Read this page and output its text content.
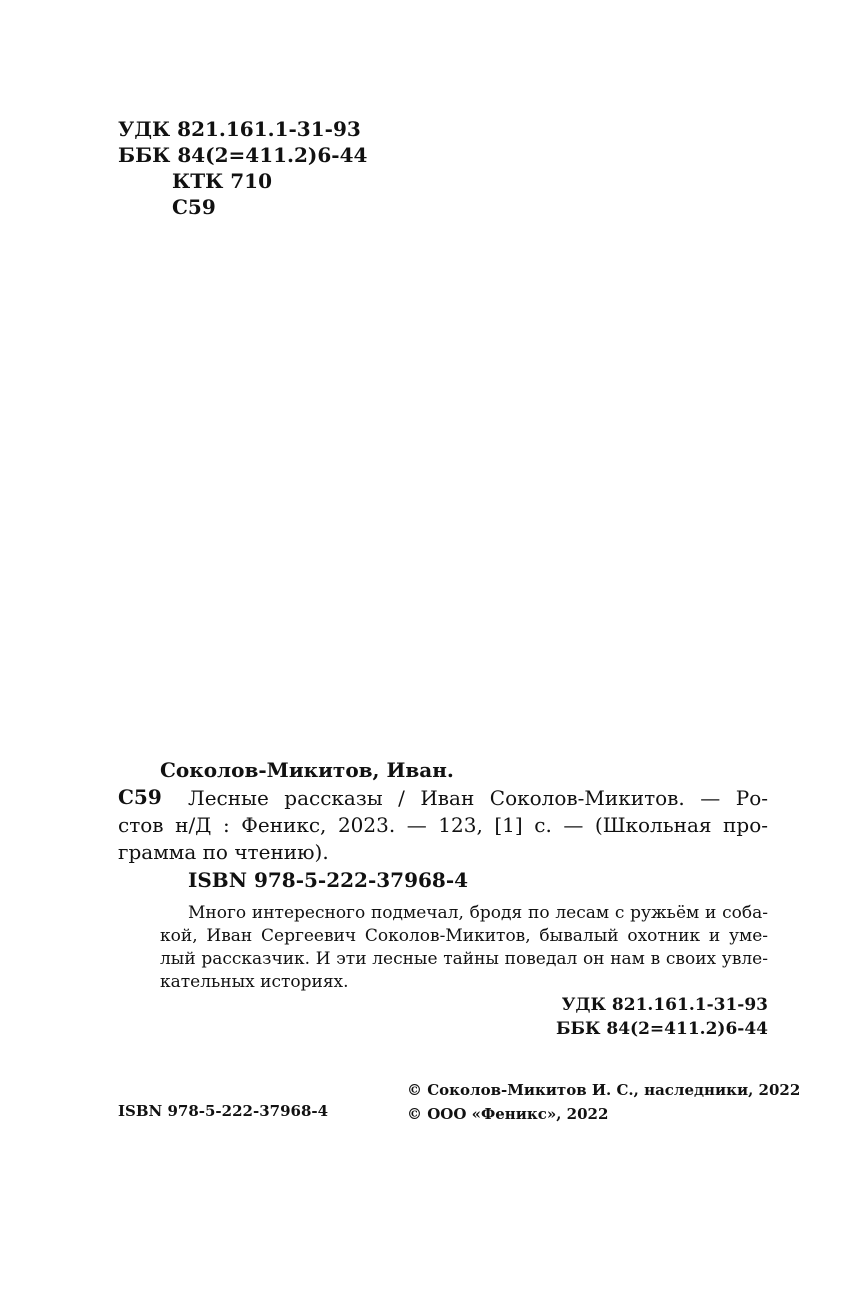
УДК 821.161.1-31-93
ББК 84(2=411.2)6-44
КТК 710
С59
Соколов-Микитов, Иван.
С59 Лесные рассказы / Иван Соколов-Микитов. — Ро-
стов н/Д : Феникс, 2023. — 123, [1] с. — (Школьная про-
грамма по чтению).
ISBN 978-5-222-37968-4
Много интересного подмечал, бродя по лесам с ружьём и соба-
кой, Иван Сергеевич Соколов-Микитов, бывалый охотник и уме-
лый рассказчик. И эти лесные тайны поведал он нам в своих увле-
кательных историях.
УДК 821.161.1-31-93
ББК 84(2=411.2)6-44
ISBN 978-5-222-37968-4
© Соколов-Микитов И. С., наследники, 2022
© ООО «Феникс», 2022
